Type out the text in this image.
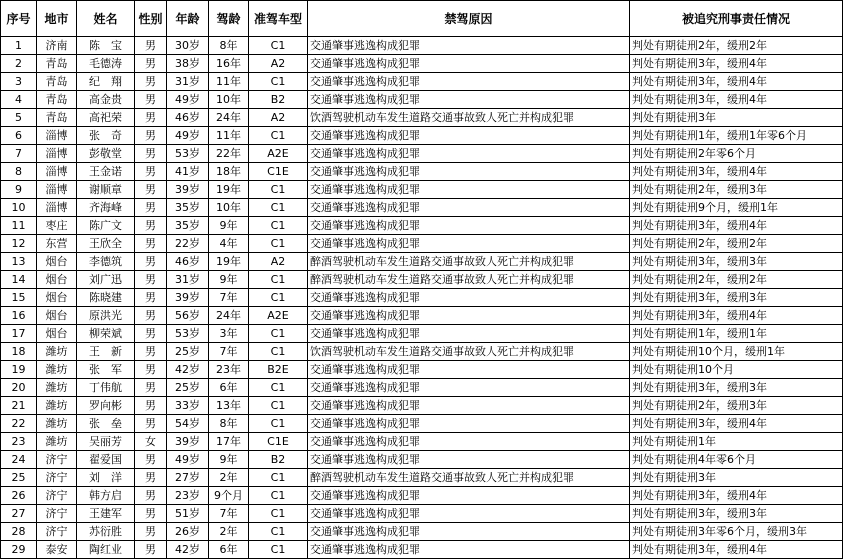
序号	地市	姓名	性别	年龄	驾龄	准驾车型	禁驾原因	被追究刑事责任情况
1	济南	陈　宝	男	30岁	8年	C1	交通肇事逃逸构成犯罪	判处有期徒刑2年，缓刑2年
2	青岛	毛德涛	男	38岁	16年	A2	交通肇事逃逸构成犯罪	判处有期徒刑3年，缓刑4年
3	青岛	纪　翔	男	31岁	11年	C1	交通肇事逃逸构成犯罪	判处有期徒刑3年，缓刑4年
4	青岛	高金贵	男	49岁	10年	B2	交通肇事逃逸构成犯罪	判处有期徒刑3年，缓刑4年
5	青岛	高祀荣	男	46岁	24年	A2	饮酒驾驶机动车发生道路交通事故致人死亡并构成犯罪	判处有期徒刑3年
6	淄博	张　奇	男	49岁	11年	C1	交通肇事逃逸构成犯罪	判处有期徒刑1年，缓刑1年零6个月
7	淄博	彭敬堂	男	53岁	22年	A2E	交通肇事逃逸构成犯罪	判处有期徒刑2年零6个月
8	淄博	王金诺	男	41岁	18年	C1E	交通肇事逃逸构成犯罪	判处有期徒刑3年，缓刑4年
9	淄博	谢顺章	男	39岁	19年	C1	交通肇事逃逸构成犯罪	判处有期徒刑2年，缓刑3年
10	淄博	齐海峰	男	35岁	10年	C1	交通肇事逃逸构成犯罪	判处有期徒刑9个月，缓刑1年
11	枣庄	陈广文	男	35岁	9年	C1	交通肇事逃逸构成犯罪	判处有期徒刑3年，缓刑4年
12	东营	王欣全	男	22岁	4年	C1	交通肇事逃逸构成犯罪	判处有期徒刑2年，缓刑2年
13	烟台	李德筑	男	46岁	19年	A2	醉酒驾驶机动车发生道路交通事故致人死亡并构成犯罪	判处有期徒刑3年，缓刑3年
14	烟台	刘广迅	男	31岁	9年	C1	醉酒驾驶机动车发生道路交通事故致人死亡并构成犯罪	判处有期徒刑2年，缓刑2年
15	烟台	陈晓建	男	39岁	7年	C1	交通肇事逃逸构成犯罪	判处有期徒刑3年，缓刑3年
16	烟台	原洪光	男	56岁	24年	A2E	交通肇事逃逸构成犯罪	判处有期徒刑3年，缓刑4年
17	烟台	柳荣斌	男	53岁	3年	C1	交通肇事逃逸构成犯罪	判处有期徒刑1年，缓刑1年
18	潍坊	王　新	男	25岁	7年	C1	饮酒驾驶机动车发生道路交通事故致人死亡并构成犯罪	判处有期徒刑10个月，缓刑1年
19	潍坊	张　军	男	42岁	23年	B2E	交通肇事逃逸构成犯罪	判处有期徒刑10个月
20	潍坊	丁伟航	男	25岁	6年	C1	交通肇事逃逸构成犯罪	判处有期徒刑3年，缓刑3年
21	潍坊	罗向彬	男	33岁	13年	C1	交通肇事逃逸构成犯罪	判处有期徒刑2年，缓刑3年
22	潍坊	张　垒	男	54岁	8年	C1	交通肇事逃逸构成犯罪	判处有期徒刑3年，缓刑4年
23	潍坊	吴丽芳	女	39岁	17年	C1E	交通肇事逃逸构成犯罪	判处有期徒刑1年
24	济宁	翟爱国	男	49岁	9年	B2	交通肇事逃逸构成犯罪	判处有期徒刑4年零6个月
25	济宁	刘　洋	男	27岁	2年	C1	醉酒驾驶机动车发生道路交通事故致人死亡并构成犯罪	判处有期徒刑3年
26	济宁	韩方启	男	23岁	9个月	C1	交通肇事逃逸构成犯罪	判处有期徒刑3年，缓刑4年
27	济宁	王建军	男	51岁	7年	C1	交通肇事逃逸构成犯罪	判处有期徒刑3年，缓刑3年
28	济宁	苏衍胜	男	26岁	2年	C1	交通肇事逃逸构成犯罪	判处有期徒刑3年零6个月，缓刑3年
29	泰安	陶红业	男	42岁	6年	C1	交通肇事逃逸构成犯罪	判处有期徒刑3年，缓刑4年
